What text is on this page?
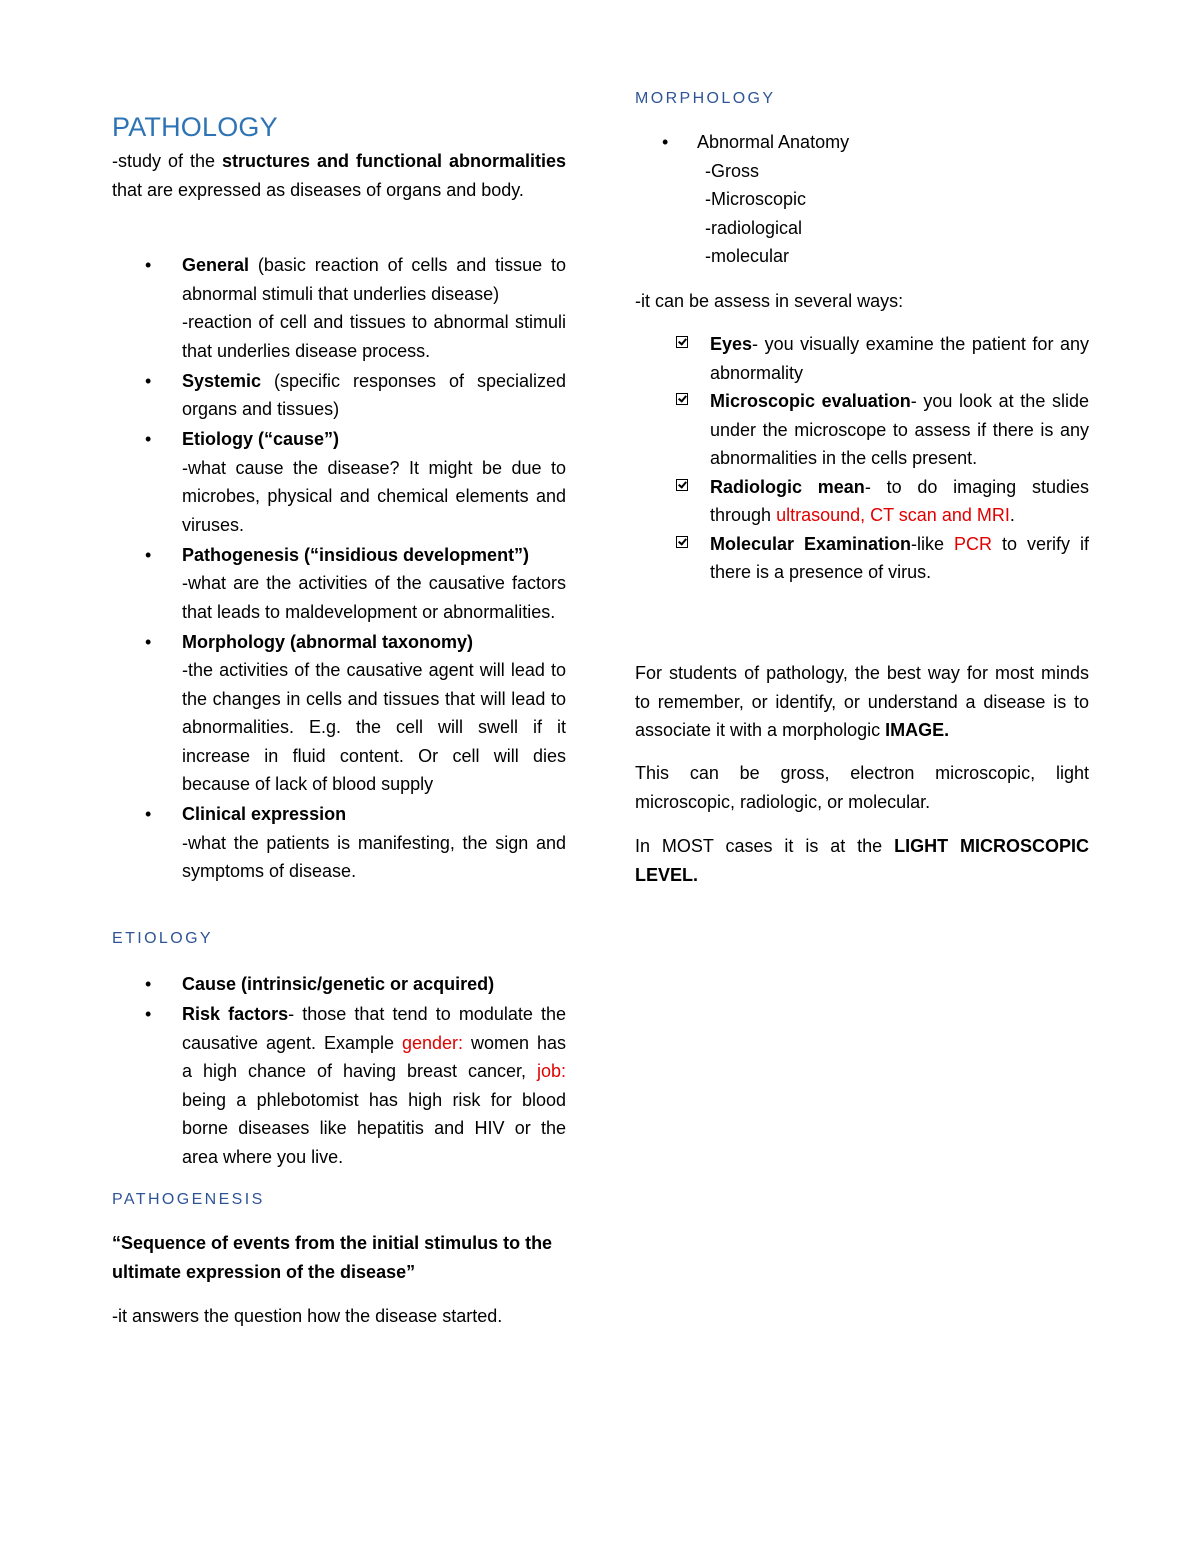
PATHOLOGY

-study of the structures and functional abnormalities that are expressed as diseases of organs and body.

• General (basic reaction of cells and tissue to abnormal stimuli that underlies disease)
-reaction of cell and tissues to abnormal stimuli that underlies disease process.
• Systemic (specific responses of specialized organs and tissues)
• Etiology (“cause”)
-what cause the disease? It might be due to microbes, physical and chemical elements and viruses.
• Pathogenesis (“insidious development”)
-what are the activities of the causative factors that leads to maldevelopment or abnormalities.
• Morphology (abnormal taxonomy)
-the activities of the causative agent will lead to the changes in cells and tissues that will lead to abnormalities. E.g. the cell will swell if it increase in fluid content. Or cell will dies because of lack of blood supply
• Clinical expression
-what the patients is manifesting, the sign and symptoms of disease.
ETIOLOGY
• Cause (intrinsic/genetic or acquired)
• Risk factors- those that tend to modulate the causative agent. Example gender: women has a high chance of having breast cancer, job: being a phlebotomist has high risk for blood borne diseases like hepatitis and HIV or the area where you live.
PATHOGENESIS

“Sequence of events from the initial stimulus to the ultimate expression of the disease”

-it answers the question how the disease started.

MORPHOLOGY
• Abnormal Anatomy
-Gross
-Microscopic
-radiological
-molecular

-it can be assess in several ways:

Eyes- you visually examine the patient for any abnormality
Microscopic evaluation- you look at the slide under the microscope to assess if there is any abnormalities in the cells present.
Radiologic mean- to do imaging studies through ultrasound, CT scan and MRI.
Molecular Examination-like PCR to verify if there is a presence of virus.

For students of pathology, the best way for most minds to remember, or identify, or understand a disease is to associate it with a morphologic IMAGE.

This can be gross, electron microscopic, light microscopic, radiologic, or molecular.

In MOST cases it is at the LIGHT MICROSCOPIC LEVEL.
